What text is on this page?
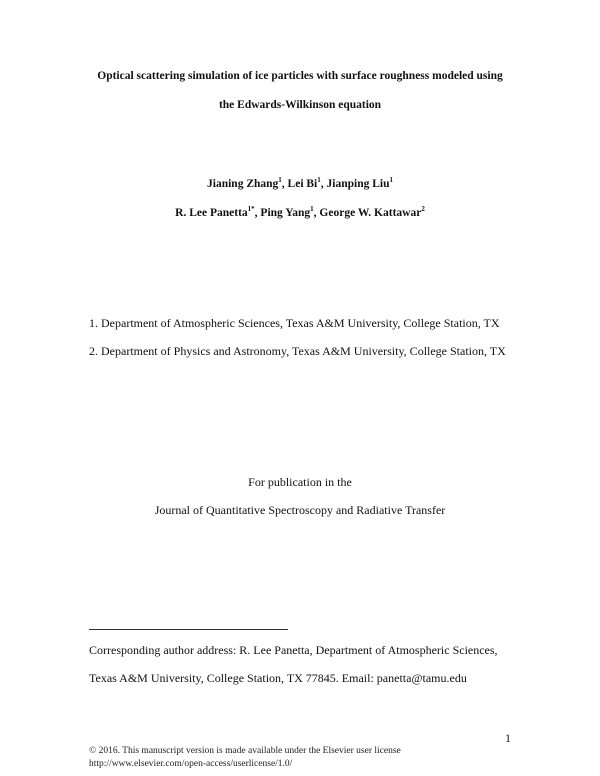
Optical scattering simulation of ice particles with surface roughness modeled using
the Edwards-Wilkinson equation
Jianing Zhang$^1$, Lei Bi$^1$, Jianping Liu$^1$
R. Lee Panetta$^{1*}$, Ping Yang$^1$, George W. Kattawar$^2$
1. Department of Atmospheric Sciences, Texas A&M University, College Station, TX
2. Department of Physics and Astronomy, Texas A&M University, College Station, TX
For publication in the
Journal of Quantitative Spectroscopy and Radiative Transfer
Corresponding author address: R. Lee Panetta, Department of Atmospheric Sciences,
Texas A&M University, College Station, TX 77845. Email: panetta@tamu.edu
1
© 2016. This manuscript version is made available under the Elsevier user license
http://www.elsevier.com/open-access/userlicense/1.0/
